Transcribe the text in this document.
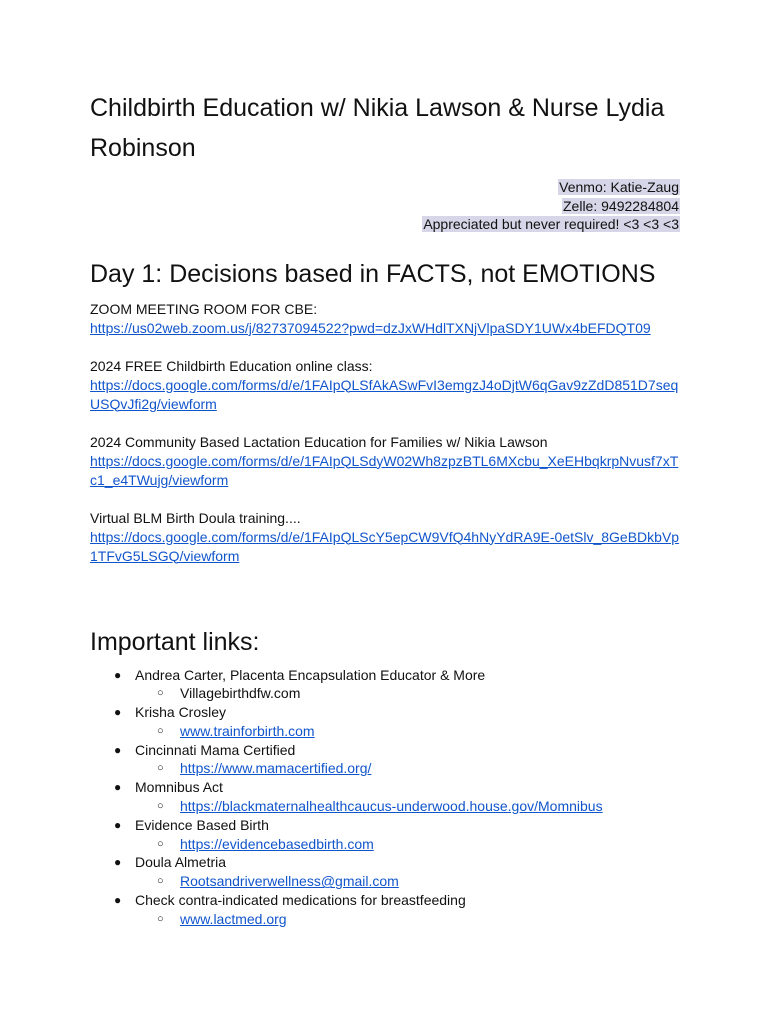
Childbirth Education w/ Nikia Lawson & Nurse Lydia Robinson
Venmo: Katie-Zaug
Zelle: 9492284804
Appreciated but never required! <3 <3 <3
Day 1: Decisions based in FACTS, not EMOTIONS
ZOOM MEETING ROOM FOR CBE:
https://us02web.zoom.us/j/82737094522?pwd=dzJxWHdlTXNjVlpaSDY1UWx4bEFDQT09
2024 FREE Childbirth Education online class:
https://docs.google.com/forms/d/e/1FAIpQLSfAkASwFvI3emgzJ4oDjtW6qGav9zZdD851D7seqUSQvJfi2g/viewform
2024 Community Based Lactation Education for Families w/ Nikia Lawson
https://docs.google.com/forms/d/e/1FAIpQLSdyW02Wh8zpzBTL6MXcbu_XeEHbqkrpNvusf7xTc1_e4TWujg/viewform
Virtual BLM Birth Doula training....
https://docs.google.com/forms/d/e/1FAIpQLScY5epCW9VfQ4hNyYdRA9E-0etSlv_8GeBDkbVp1TFvG5LSGQ/viewform
Important links:
● Andrea Carter, Placenta Encapsulation Educator & More
○ Villagebirthdfw.com
● Krisha Crosley
○ www.trainforbirth.com
● Cincinnati Mama Certified
○ https://www.mamacertified.org/
● Momnibus Act
○ https://blackmaternalhealthcaucus-underwood.house.gov/Momnibus
● Evidence Based Birth
○ https://evidencebasedbirth.com
● Doula Almetria
○ Rootsandriverwellness@gmail.com
● Check contra-indicated medications for breastfeeding
○ www.lactmed.org
